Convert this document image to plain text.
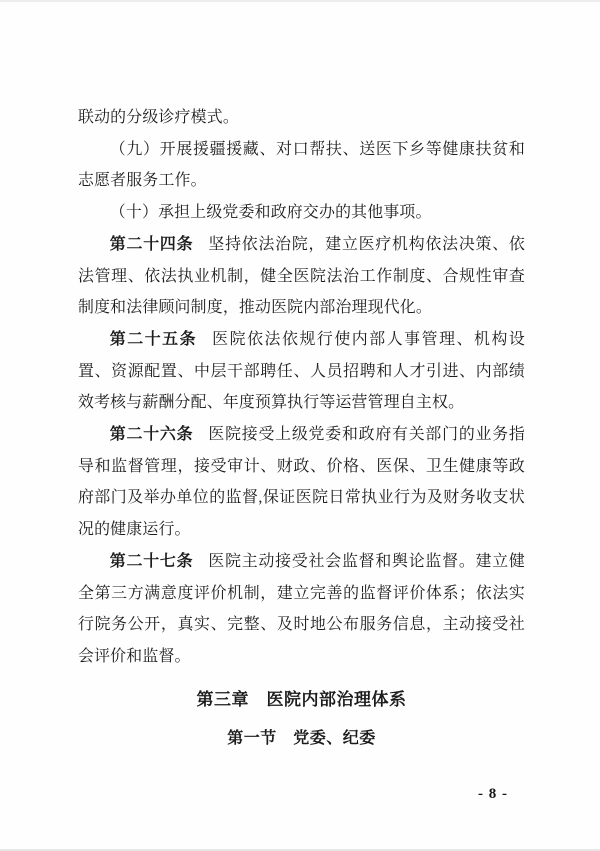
联动的分级诊疗模式。

（九）开展援疆援藏、对口帮扶、送医下乡等健康扶贫和志愿者服务工作。

（十）承担上级党委和政府交办的其他事项。

第二十四条 坚持依法治院，建立医疗机构依法决策、依法管理、依法执业机制，健全医院法治工作制度、合规性审查制度和法律顾问制度，推动医院内部治理现代化。

第二十五条 医院依法依规行使内部人事管理、机构设置、资源配置、中层干部聘任、人员招聘和人才引进、内部绩效考核与薪酬分配、年度预算执行等运营管理自主权。

第二十六条 医院接受上级党委和政府有关部门的业务指导和监督管理，接受审计、财政、价格、医保、卫生健康等政府部门及举办单位的监督,保证医院日常执业行为及财务收支状况的健康运行。

第二十七条 医院主动接受社会监督和舆论监督。建立健全第三方满意度评价机制，建立完善的监督评价体系；依法实行院务公开，真实、完整、及时地公布服务信息，主动接受社会评价和监督。

第三章　医院内部治理体系
第一节　党委、纪委
- 8 -
